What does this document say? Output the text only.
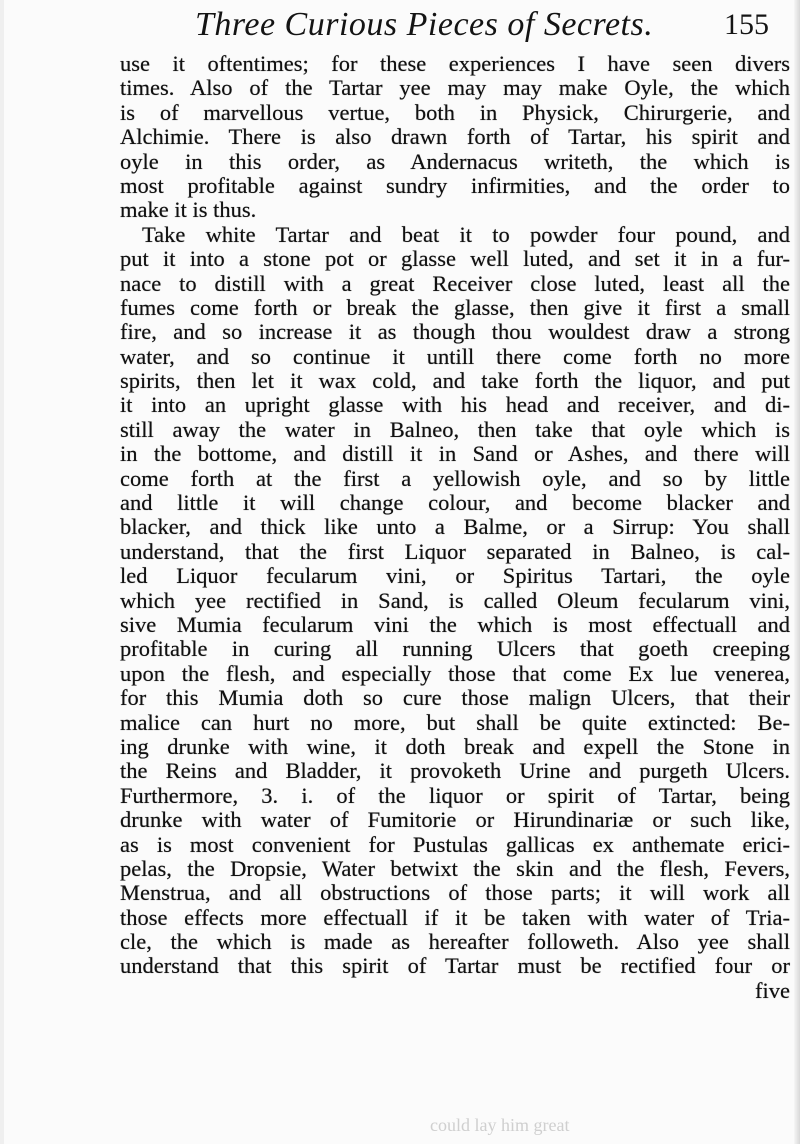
Three Curious Pieces of Secrets. 155
use it oftentimes; for these experiences I have seen divers
times. Also of the Tartar yee may may make Oyle, the which
is of marvellous vertue, both in Physick, Chirurgerie, and
Alchimie. There is also drawn forth of Tartar, his spirit and
oyle in this order, as Andernacus writeth, the which is
most profitable against sundry infirmities, and the order to
make it is thus.
Take white Tartar and beat it to powder four pound, and
put it into a stone pot or glasse well luted, and set it in a fur-
nace to distill with a great Receiver close luted, least all the
fumes come forth or break the glasse, then give it first a small
fire, and so increase it as though thou wouldest draw a strong
water, and so continue it untill there come forth no more
spirits, then let it wax cold, and take forth the liquor, and put
it into an upright glasse with his head and receiver, and di-
still away the water in Balneo, then take that oyle which is
in the bottome, and distill it in Sand or Ashes, and there will
come forth at the first a yellowish oyle, and so by little
and little it will change colour, and become blacker and
blacker, and thick like unto a Balme, or a Sirrup: You shall
understand, that the first Liquor separated in Balneo, is cal-
led Liquor fecularum vini, or Spiritus Tartari, the oyle
which yee rectified in Sand, is called Oleum fecularum vini,
sive Mumia fecularum vini the which is most effectuall and
profitable in curing all running Ulcers that goeth creeping
upon the flesh, and especially those that come Ex lue venerea,
for this Mumia doth so cure those malign Ulcers, that their
malice can hurt no more, but shall be quite extincted: Be-
ing drunke with wine, it doth break and expell the Stone in
the Reins and Bladder, it provoketh Urine and purgeth Ulcers.
Furthermore, 3. i. of the liquor or spirit of Tartar, being
drunke with water of Fumitorie or Hirundinariæ or such like,
as is most convenient for Pustulas gallicas ex anthemate erici-
pelas, the Dropsie, Water betwixt the skin and the flesh, Fevers,
Menstrua, and all obstructions of those parts; it will work all
those effects more effectuall if it be taken with water of Tria-
cle, the which is made as hereafter followeth. Also yee shall
understand that this spirit of Tartar must be rectified four or
five
could lay him great
